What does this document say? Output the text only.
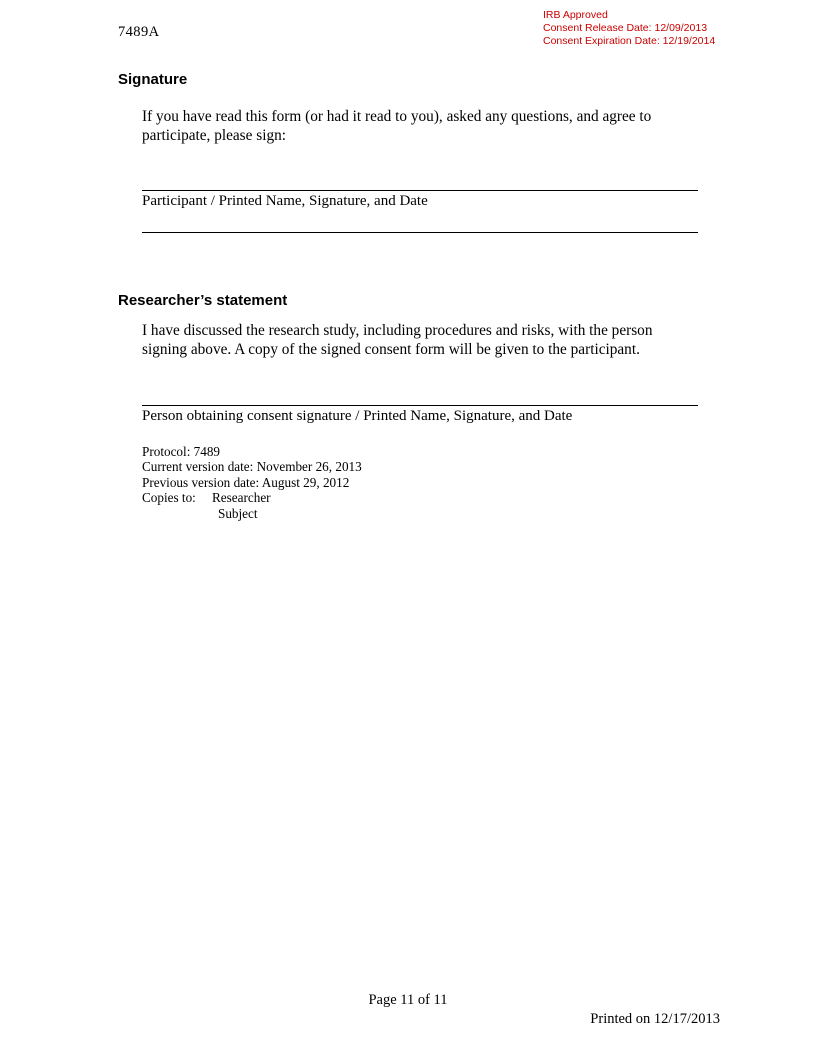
7489A
IRB Approved
Consent Release Date: 12/09/2013
Consent Expiration Date: 12/19/2014
Signature
If you have read this form (or had it read to you), asked any questions, and agree to participate, please sign:
Participant / Printed Name, Signature, and Date
Researcher’s statement
I have discussed the research study, including procedures and risks, with the person signing above. A copy of the signed consent form will be given to the participant.
Person obtaining consent signature / Printed Name, Signature, and Date
Protocol: 7489
Current version date: November 26, 2013
Previous version date: August 29, 2012
Copies to: Researcher
Subject
Page 11 of 11
Printed on 12/17/2013
